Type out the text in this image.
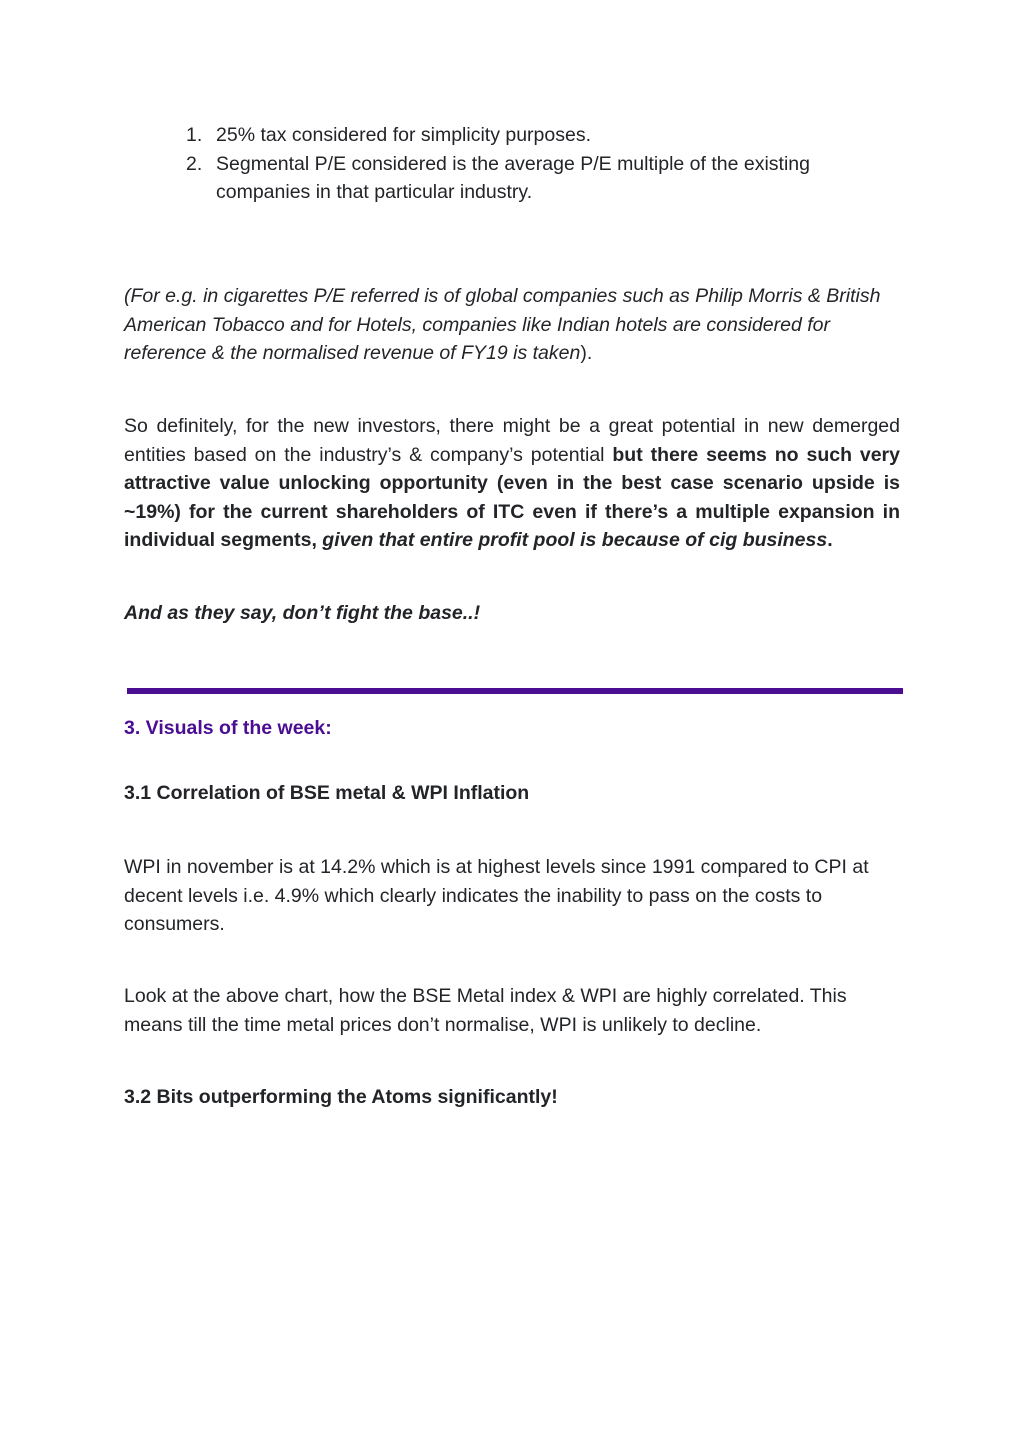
1. 25% tax considered for simplicity purposes.
2. Segmental P/E considered is the average P/E multiple of the existing companies in that particular industry.

(For e.g. in cigarettes P/E referred is of global companies such as Philip Morris & British American Tobacco and for Hotels, companies like Indian hotels are considered for reference & the normalised revenue of FY19 is taken).

So definitely, for the new investors, there might be a great potential in new demerged entities based on the industry’s & company’s potential but there seems no such very attractive value unlocking opportunity (even in the best case scenario upside is ~19%) for the current shareholders of ITC even if there’s a multiple expansion in individual segments, given that entire profit pool is because of cig business.

And as they say, don’t fight the base..!

3. Visuals of the week:

3.1 Correlation of BSE metal & WPI Inflation

WPI in november is at 14.2% which is at highest levels since 1991 compared to CPI at decent levels i.e. 4.9% which clearly indicates the inability to pass on the costs to consumers.

Look at the above chart, how the BSE Metal index & WPI are highly correlated. This means till the time metal prices don’t normalise, WPI is unlikely to decline.

3.2 Bits outperforming the Atoms significantly!
